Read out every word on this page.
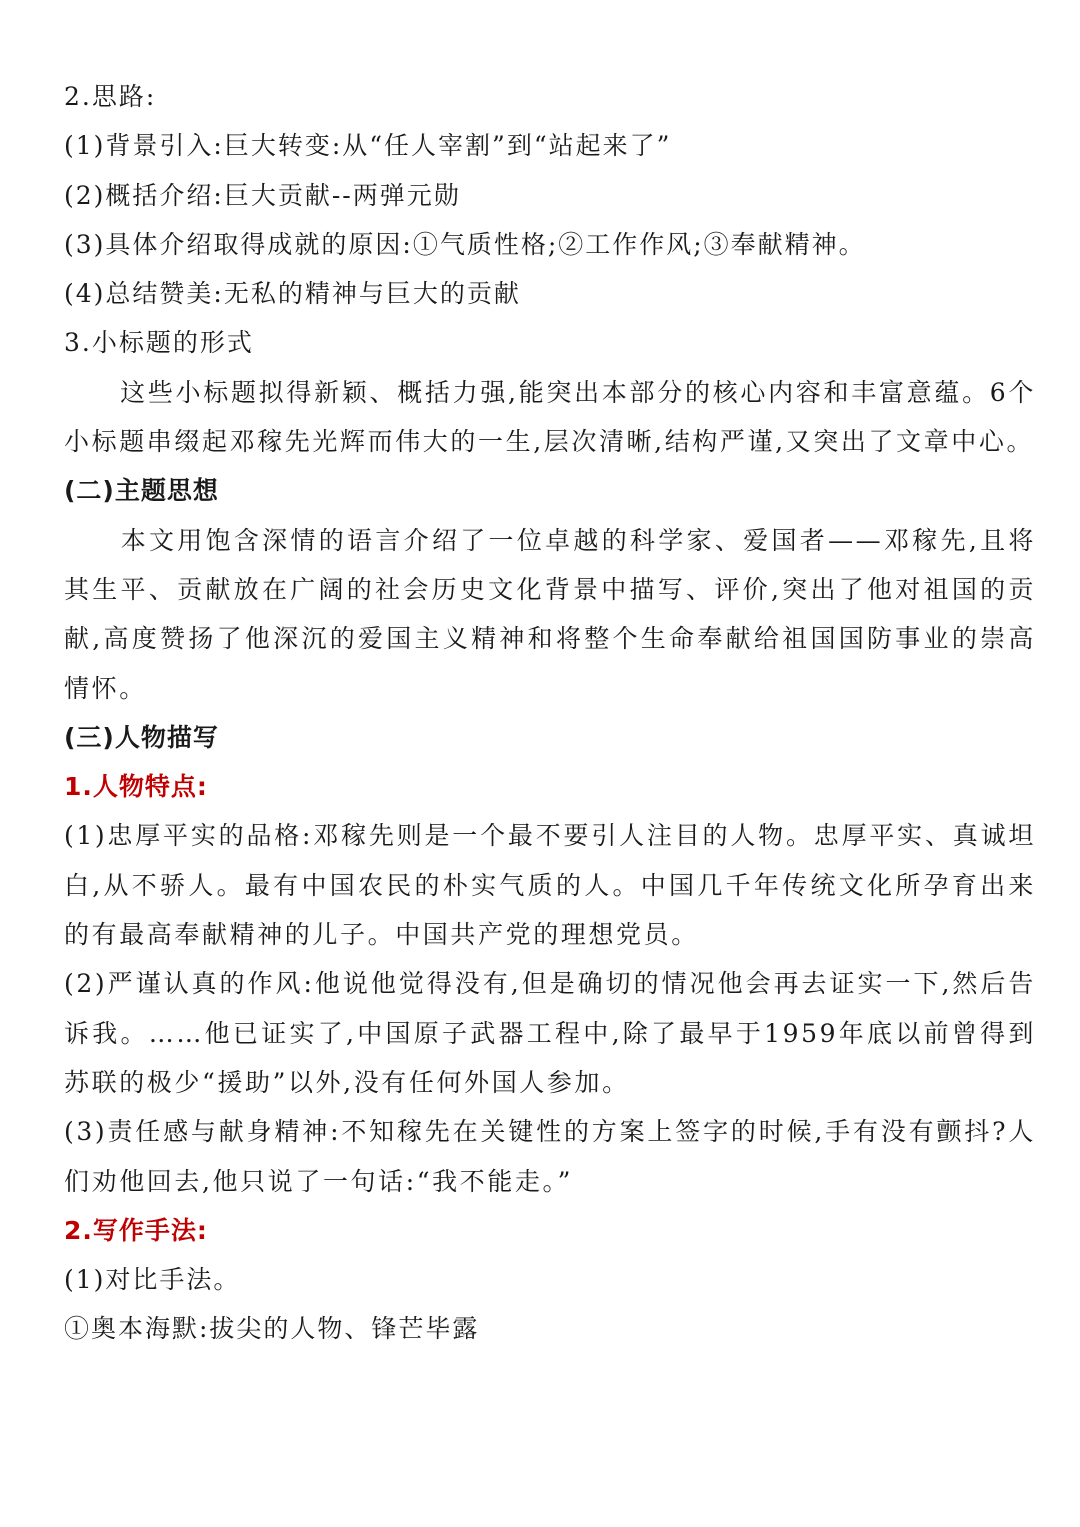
2.思路:

(1)背景引入:巨大转变:从“任人宰割”到“站起来了”

(2)概括介绍:巨大贡献--两弹元勋

(3)具体介绍取得成就的原因:①气质性格;②工作作风;③奉献精神。

(4)总结赞美:无私的精神与巨大的贡献

3.小标题的形式

这些小标题拟得新颖、概括力强,能突出本部分的核心内容和丰富意蕴。6个小标题串缀起邓稼先光辉而伟大的一生,层次清晰,结构严谨,又突出了文章中心。

(二)主题思想

本文用饱含深情的语言介绍了一位卓越的科学家、爱国者——邓稼先,且将其生平、贡献放在广阔的社会历史文化背景中描写、评价,突出了他对祖国的贡献,高度赞扬了他深沉的爱国主义精神和将整个生命奉献给祖国国防事业的崇高情怀。

(三)人物描写

1.人物特点:

(1)忠厚平实的品格:邓稼先则是一个最不要引人注目的人物。忠厚平实、真诚坦白,从不骄人。最有中国农民的朴实气质的人。中国几千年传统文化所孕育出来的有最高奉献精神的儿子。中国共产党的理想党员。

(2)严谨认真的作风:他说他觉得没有,但是确切的情况他会再去证实一下,然后告诉我。……他已证实了,中国原子武器工程中,除了最早于1959年底以前曾得到苏联的极少“援助”以外,没有任何外国人参加。

(3)责任感与献身精神:不知稼先在关键性的方案上签字的时候,手有没有颤抖?人们劝他回去,他只说了一句话:“我不能走。”

2.写作手法:

(1)对比手法。

①奥本海默:拔尖的人物、锋芒毕露
